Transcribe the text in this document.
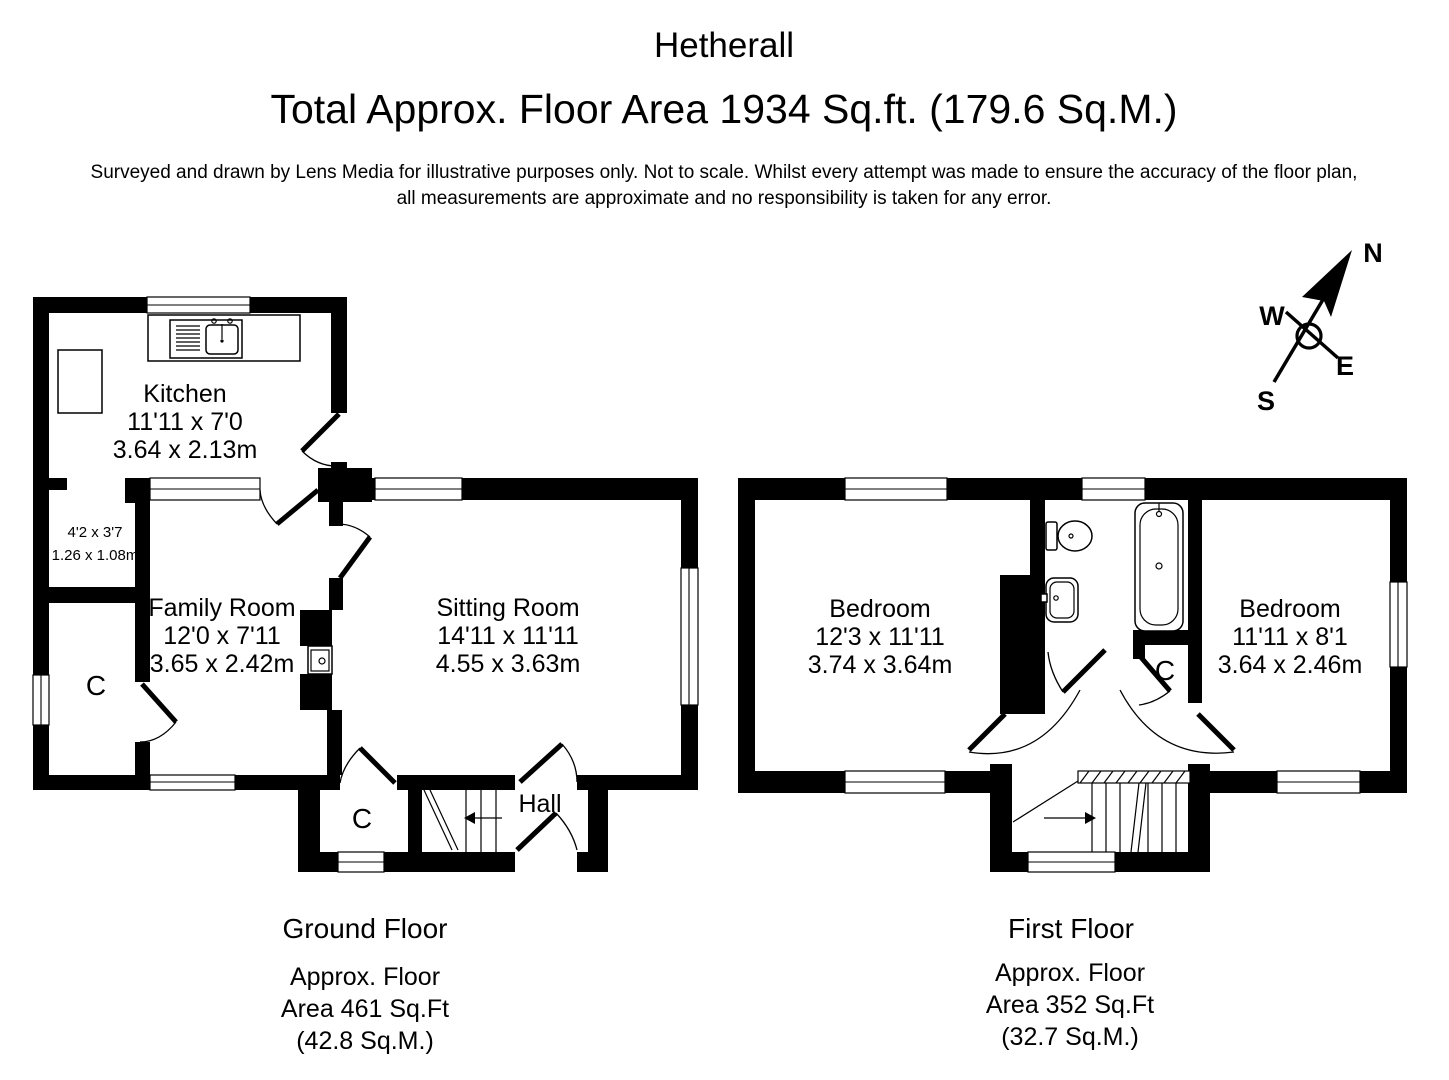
Hetherall
Total Approx. Floor Area 1934 Sq.ft. (179.6 Sq.M.)
Surveyed and drawn by Lens Media for illustrative purposes only. Not to scale. Whilst every attempt was made to ensure the accuracy of the floor plan,
all measurements are approximate and no responsibility is taken for any error.
N
W
E
S
Kitchen
11'11 x 7'0
3.64 x 2.13m
4'2 x 3'7
1.26 x 1.08m
Family Room
12'0 x 7'11
3.65 x 2.42m
Sitting Room
14'11 x 11'11
4.55 x 3.63m
C
C	Hall
Ground Floor
Approx. Floor
Area 461 Sq.Ft
(42.8 Sq.M.)
Bedroom
12'3 x 11'11
3.74 x 3.64m
Bedroom
11'11 x 8'1
3.64 x 2.46m
C
First Floor
Approx. Floor
Area 352 Sq.Ft
(32.7 Sq.M.)
